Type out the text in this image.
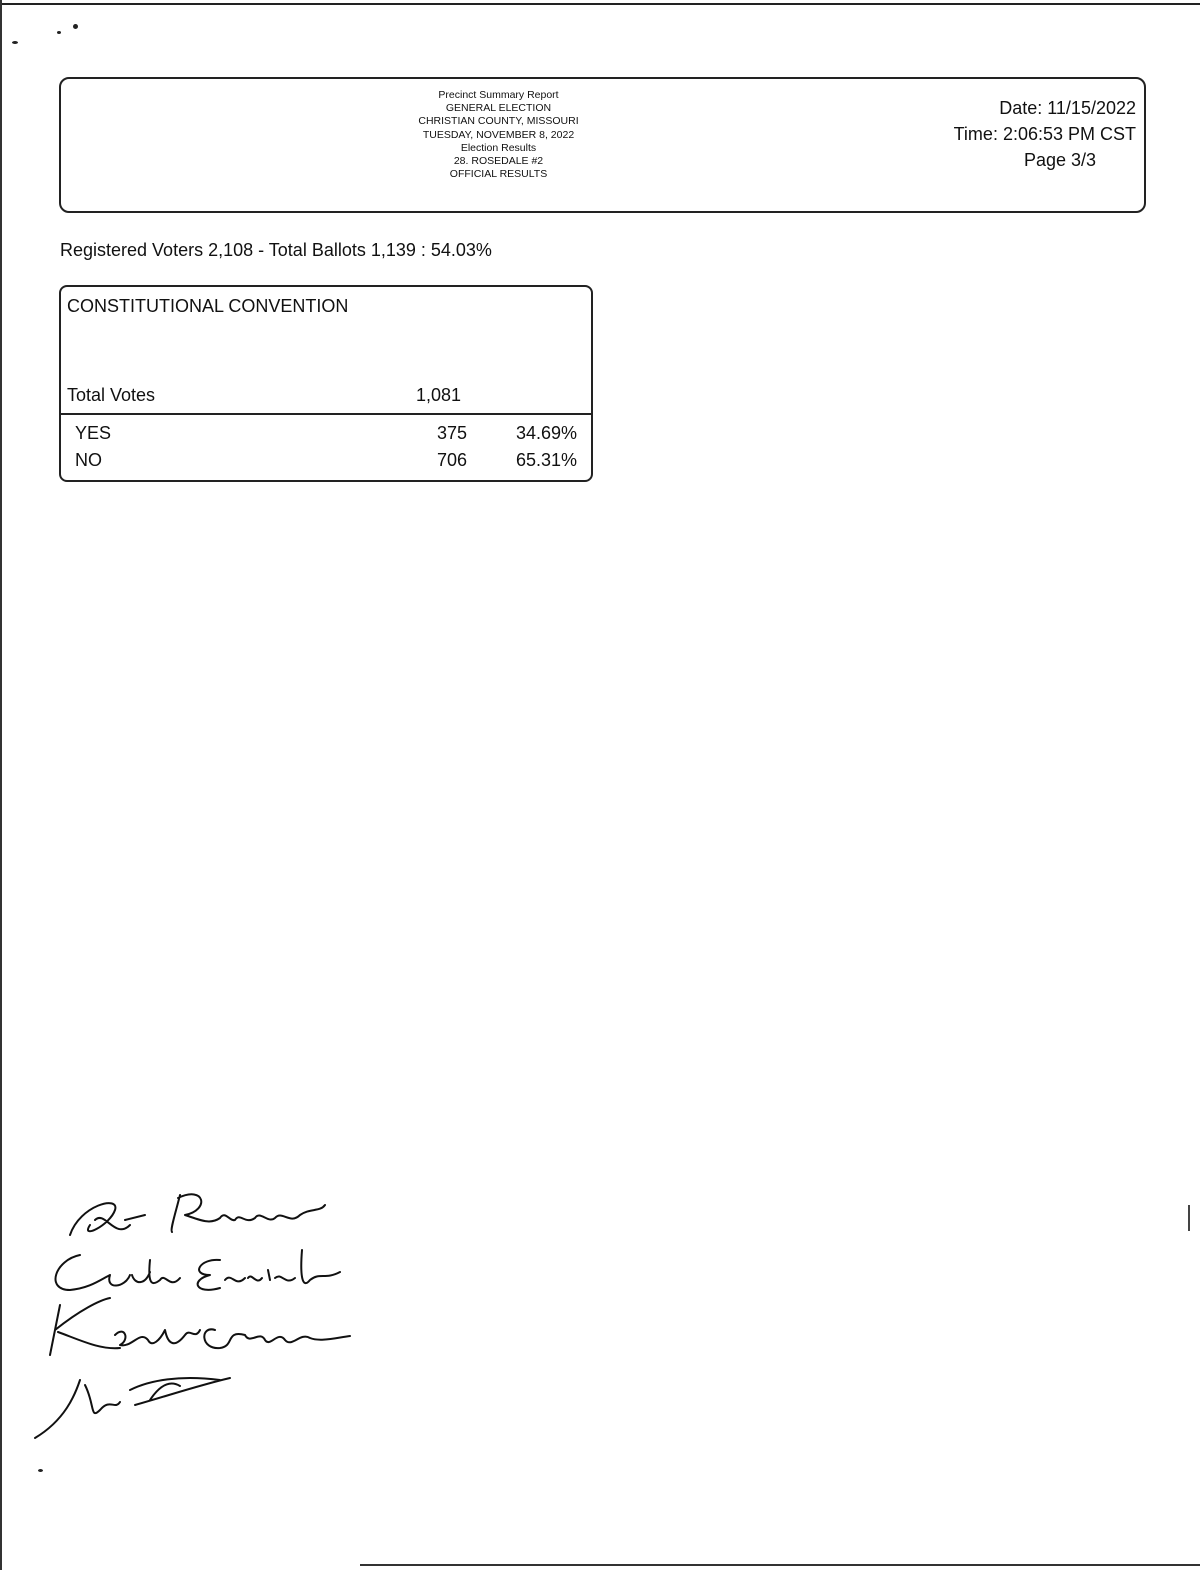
Precinct Summary Report
GENERAL ELECTION
CHRISTIAN COUNTY, MISSOURI
TUESDAY, NOVEMBER 8, 2022
Election Results
28. ROSEDALE #2
OFFICIAL RESULTS
Date: 11/15/2022
Time: 2:06:53 PM CST
Page 3/3
Registered Voters 2,108 - Total Ballots 1,139 : 54.03%
CONSTITUTIONAL CONVENTION
Total Votes	1,081
YES	375	34.69%
NO	706	65.31%
